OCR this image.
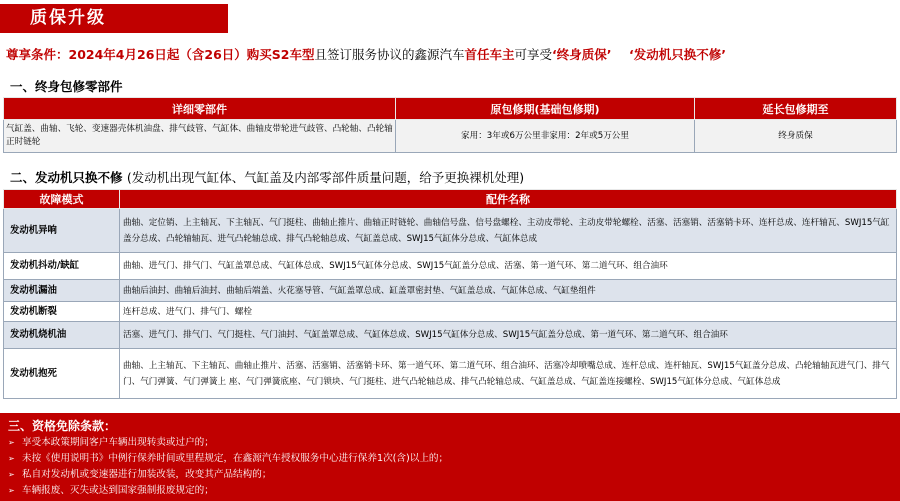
质保升级
尊享条件：2024年4月26日起（含26日）购买S2车型且签订服务协议的鑫源汽车首任车主可享受‘终身质保’ ‘发动机只换不修’
一、终身包修零部件
详细零部件	原包修期(基础包修期)	延长包修期至
气缸盖、曲轴、飞轮、变速器壳体机油盘、排气歧管、气缸体、曲轴皮带轮进气歧管、凸轮轴、凸轮轴正时链轮	家用：3年或6万公里非家用：2年或5万公里	终身质保
二、发动机只换不修 (发动机出现气缸体、气缸盖及内部零部件质量问题，给予更换裸机处理)
故障模式	配件名称
发动机异响	曲轴、定位销、上主轴瓦、下主轴瓦、气门挺柱、曲轴止推片、曲轴正时链轮、曲轴信号盘、信号盘螺栓、主动皮带轮、主动皮带轮螺栓、活塞、活塞销、活塞销卡环、连杆总成、连杆轴瓦、SWJ15气缸盖分总成、凸轮轴轴瓦、进气凸轮轴总成、排气凸轮轴总成、气缸盖总成、SWJ15气缸体分总成、气缸体总成
发动机抖动/缺缸	曲轴、进气门、排气门、气缸盖罩总成、气缸体总成、SWJ15气缸体分总成、SWJ15气缸盖分总成、活塞、第一道气环、第二道气环、组合油环
发动机漏油	曲轴后油封、曲轴后油封、曲轴后端盖、火花塞导管、气缸盖罩总成、缸盖罩密封垫、气缸盖总成、气缸体总成、气缸垫组件
发动机断裂	连杆总成、进气门、排气门、螺栓
发动机烧机油	活塞、进气门、排气门、气门挺柱、气门油封、气缸盖罩总成、气缸体总成、SWJ15气缸体分总成、SWJ15气缸盖分总成、第一道气环、第二道气环、组合油环
发动机抱死	曲轴、上主轴瓦、下主轴瓦、曲轴止推片、活塞、活塞销、活塞销卡环、第一道气环、第二道气环、组合油环、活塞冷却喷嘴总成、连杆总成、连杆轴瓦、SWJ15气缸盖分总成、凸轮轴轴瓦进气门、排气门、气门弹簧、气门弹簧上 座、气门弹簧底座、气门锁块、气门挺柱、进气凸轮轴总成、排气凸轮轴总成、气缸盖总成、气缸盖连接螺栓、SWJ15气缸体分总成、气缸体总成
三、资格免除条款：
➢ 享受本政策期间客户车辆出现转卖或过户的；
➢ 未按《使用说明书》中例行保养时间或里程规定，在鑫源汽车授权服务中心进行保养1次(含)以上的；
➢ 私自对发动机或变速器进行加装改装，改变其产品结构的；
➢ 车辆报废、灭失或达到国家强制报废规定的；
